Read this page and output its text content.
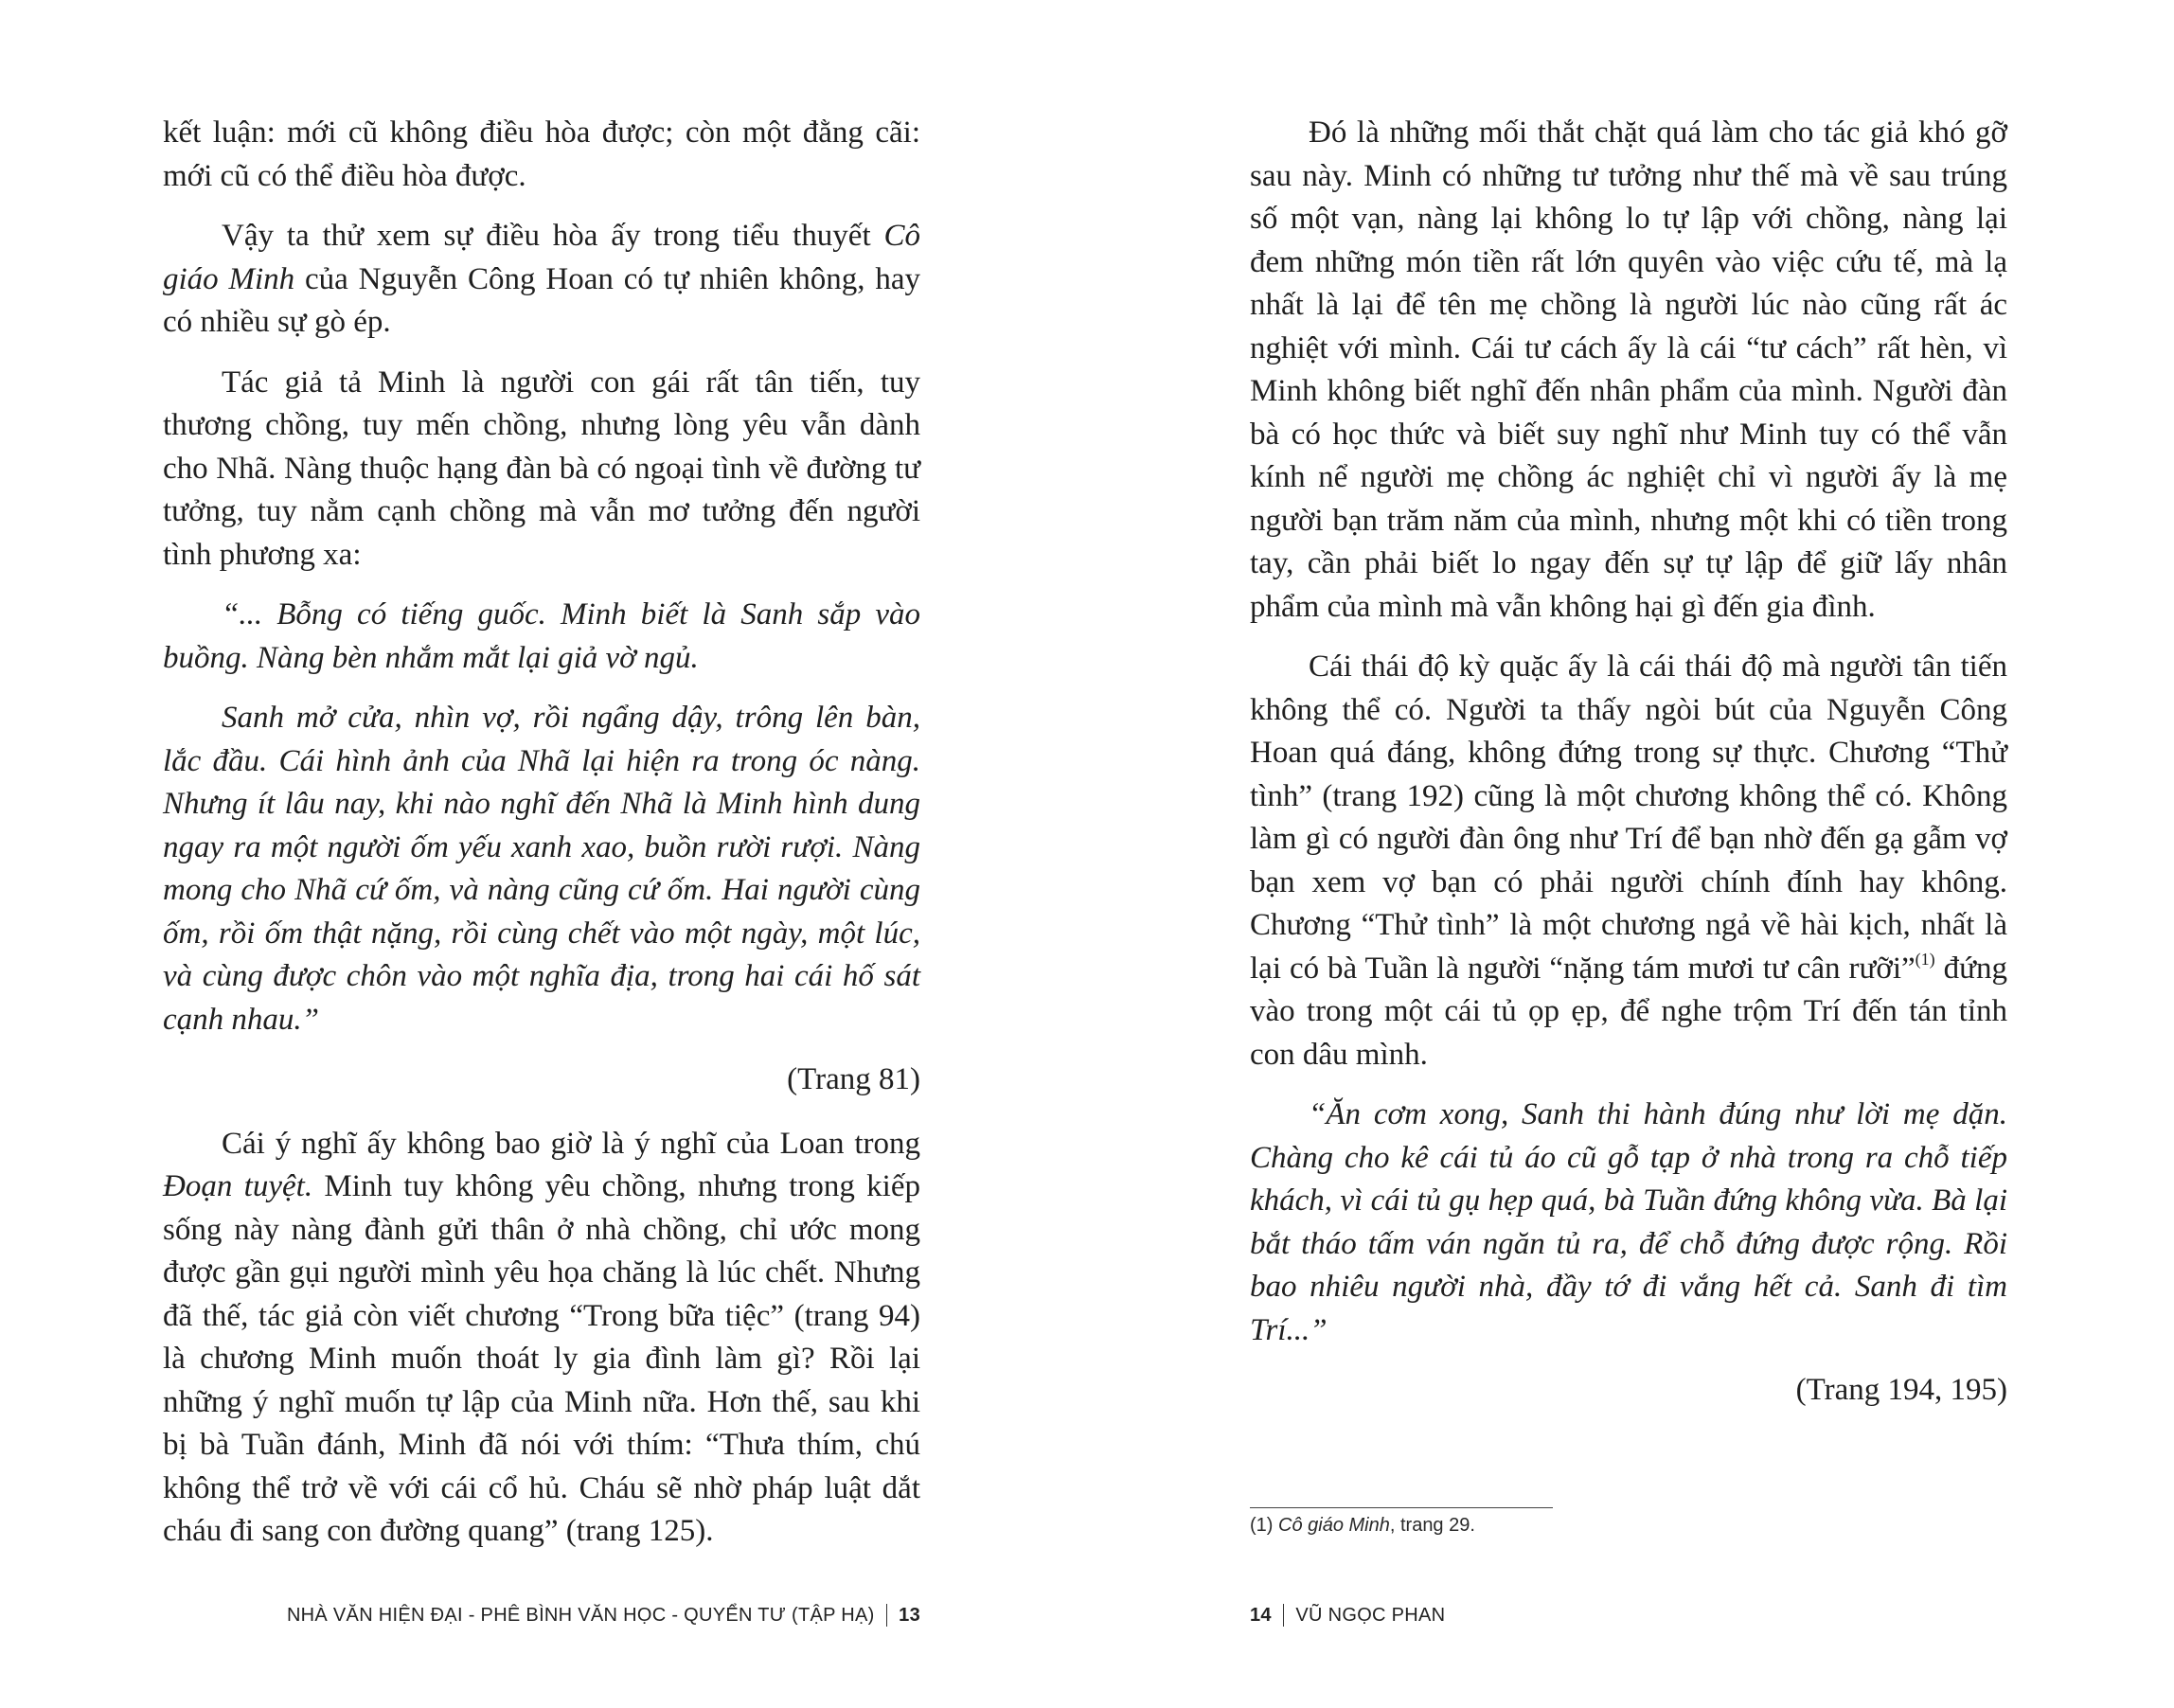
kết luận: mới cũ không điều hòa được; còn một đằng cãi: mới cũ có thể điều hòa được.

Vậy ta thử xem sự điều hòa ấy trong tiểu thuyết Cô giáo Minh của Nguyễn Công Hoan có tự nhiên không, hay có nhiều sự gò ép.

Tác giả tả Minh là người con gái rất tân tiến, tuy thương chồng, tuy mến chồng, nhưng lòng yêu vẫn dành cho Nhã. Nàng thuộc hạng đàn bà có ngoại tình về đường tư tưởng, tuy nằm cạnh chồng mà vẫn mơ tưởng đến người tình phương xa:

“... Bỗng có tiếng guốc. Minh biết là Sanh sắp vào buồng. Nàng bèn nhắm mắt lại giả vờ ngủ.

Sanh mở cửa, nhìn vợ, rồi ngẩng dậy, trông lên bàn, lắc đầu. Cái hình ảnh của Nhã lại hiện ra trong óc nàng. Nhưng ít lâu nay, khi nào nghĩ đến Nhã là Minh hình dung ngay ra một người ốm yếu xanh xao, buồn rười rượi. Nàng mong cho Nhã cứ ốm, và nàng cũng cứ ốm. Hai người cùng ốm, rồi ốm thật nặng, rồi cùng chết vào một ngày, một lúc, và cùng được chôn vào một nghĩa địa, trong hai cái hố sát cạnh nhau.”

(Trang 81)

Cái ý nghĩ ấy không bao giờ là ý nghĩ của Loan trong Đoạn tuyệt. Minh tuy không yêu chồng, nhưng trong kiếp sống này nàng đành gửi thân ở nhà chồng, chỉ ước mong được gần gụi người mình yêu họa chăng là lúc chết. Nhưng đã thế, tác giả còn viết chương “Trong bữa tiệc” (trang 94) là chương Minh muốn thoát ly gia đình làm gì? Rồi lại những ý nghĩ muốn tự lập của Minh nữa. Hơn thế, sau khi bị bà Tuần đánh, Minh đã nói với thím: “Thưa thím, chú không thể trở về với cái cổ hủ. Cháu sẽ nhờ pháp luật dắt cháu đi sang con đường quang” (trang 125).

NHÀ VĂN HIỆN ĐẠI - PHÊ BÌNH VĂN HỌC - QUYỂN TƯ (TẬP HẠ) 13

Đó là những mối thắt chặt quá làm cho tác giả khó gỡ sau này. Minh có những tư tưởng như thế mà về sau trúng số một vạn, nàng lại không lo tự lập với chồng, nàng lại đem những món tiền rất lớn quyên vào việc cứu tế, mà lạ nhất là lại để tên mẹ chồng là người lúc nào cũng rất ác nghiệt với mình. Cái tư cách ấy là cái “tư cách” rất hèn, vì Minh không biết nghĩ đến nhân phẩm của mình. Người đàn bà có học thức và biết suy nghĩ như Minh tuy có thể vẫn kính nể người mẹ chồng ác nghiệt chỉ vì người ấy là mẹ người bạn trăm năm của mình, nhưng một khi có tiền trong tay, cần phải biết lo ngay đến sự tự lập để giữ lấy nhân phẩm của mình mà vẫn không hại gì đến gia đình.

Cái thái độ kỳ quặc ấy là cái thái độ mà người tân tiến không thể có. Người ta thấy ngòi bút của Nguyễn Công Hoan quá đáng, không đứng trong sự thực. Chương “Thử tình” (trang 192) cũng là một chương không thể có. Không làm gì có người đàn ông như Trí để bạn nhờ đến gạ gẫm vợ bạn xem vợ bạn có phải người chính đính hay không. Chương “Thử tình” là một chương ngả về hài kịch, nhất là lại có bà Tuần là người “nặng tám mươi tư cân rưỡi”$^{(1)}$ đứng vào trong một cái tủ ọp ẹp, để nghe trộm Trí đến tán tỉnh con dâu mình.

“Ăn cơm xong, Sanh thi hành đúng như lời mẹ dặn. Chàng cho kê cái tủ áo cũ gỗ tạp ở nhà trong ra chỗ tiếp khách, vì cái tủ gụ hẹp quá, bà Tuần đứng không vừa. Bà lại bắt tháo tấm ván ngăn tủ ra, để chỗ đứng được rộng. Rồi bao nhiêu người nhà, đầy tớ đi vắng hết cả. Sanh đi tìm Trí...”

(Trang 194, 195)

(1) Cô giáo Minh, trang 29.
14 VŨ NGỌC PHAN
